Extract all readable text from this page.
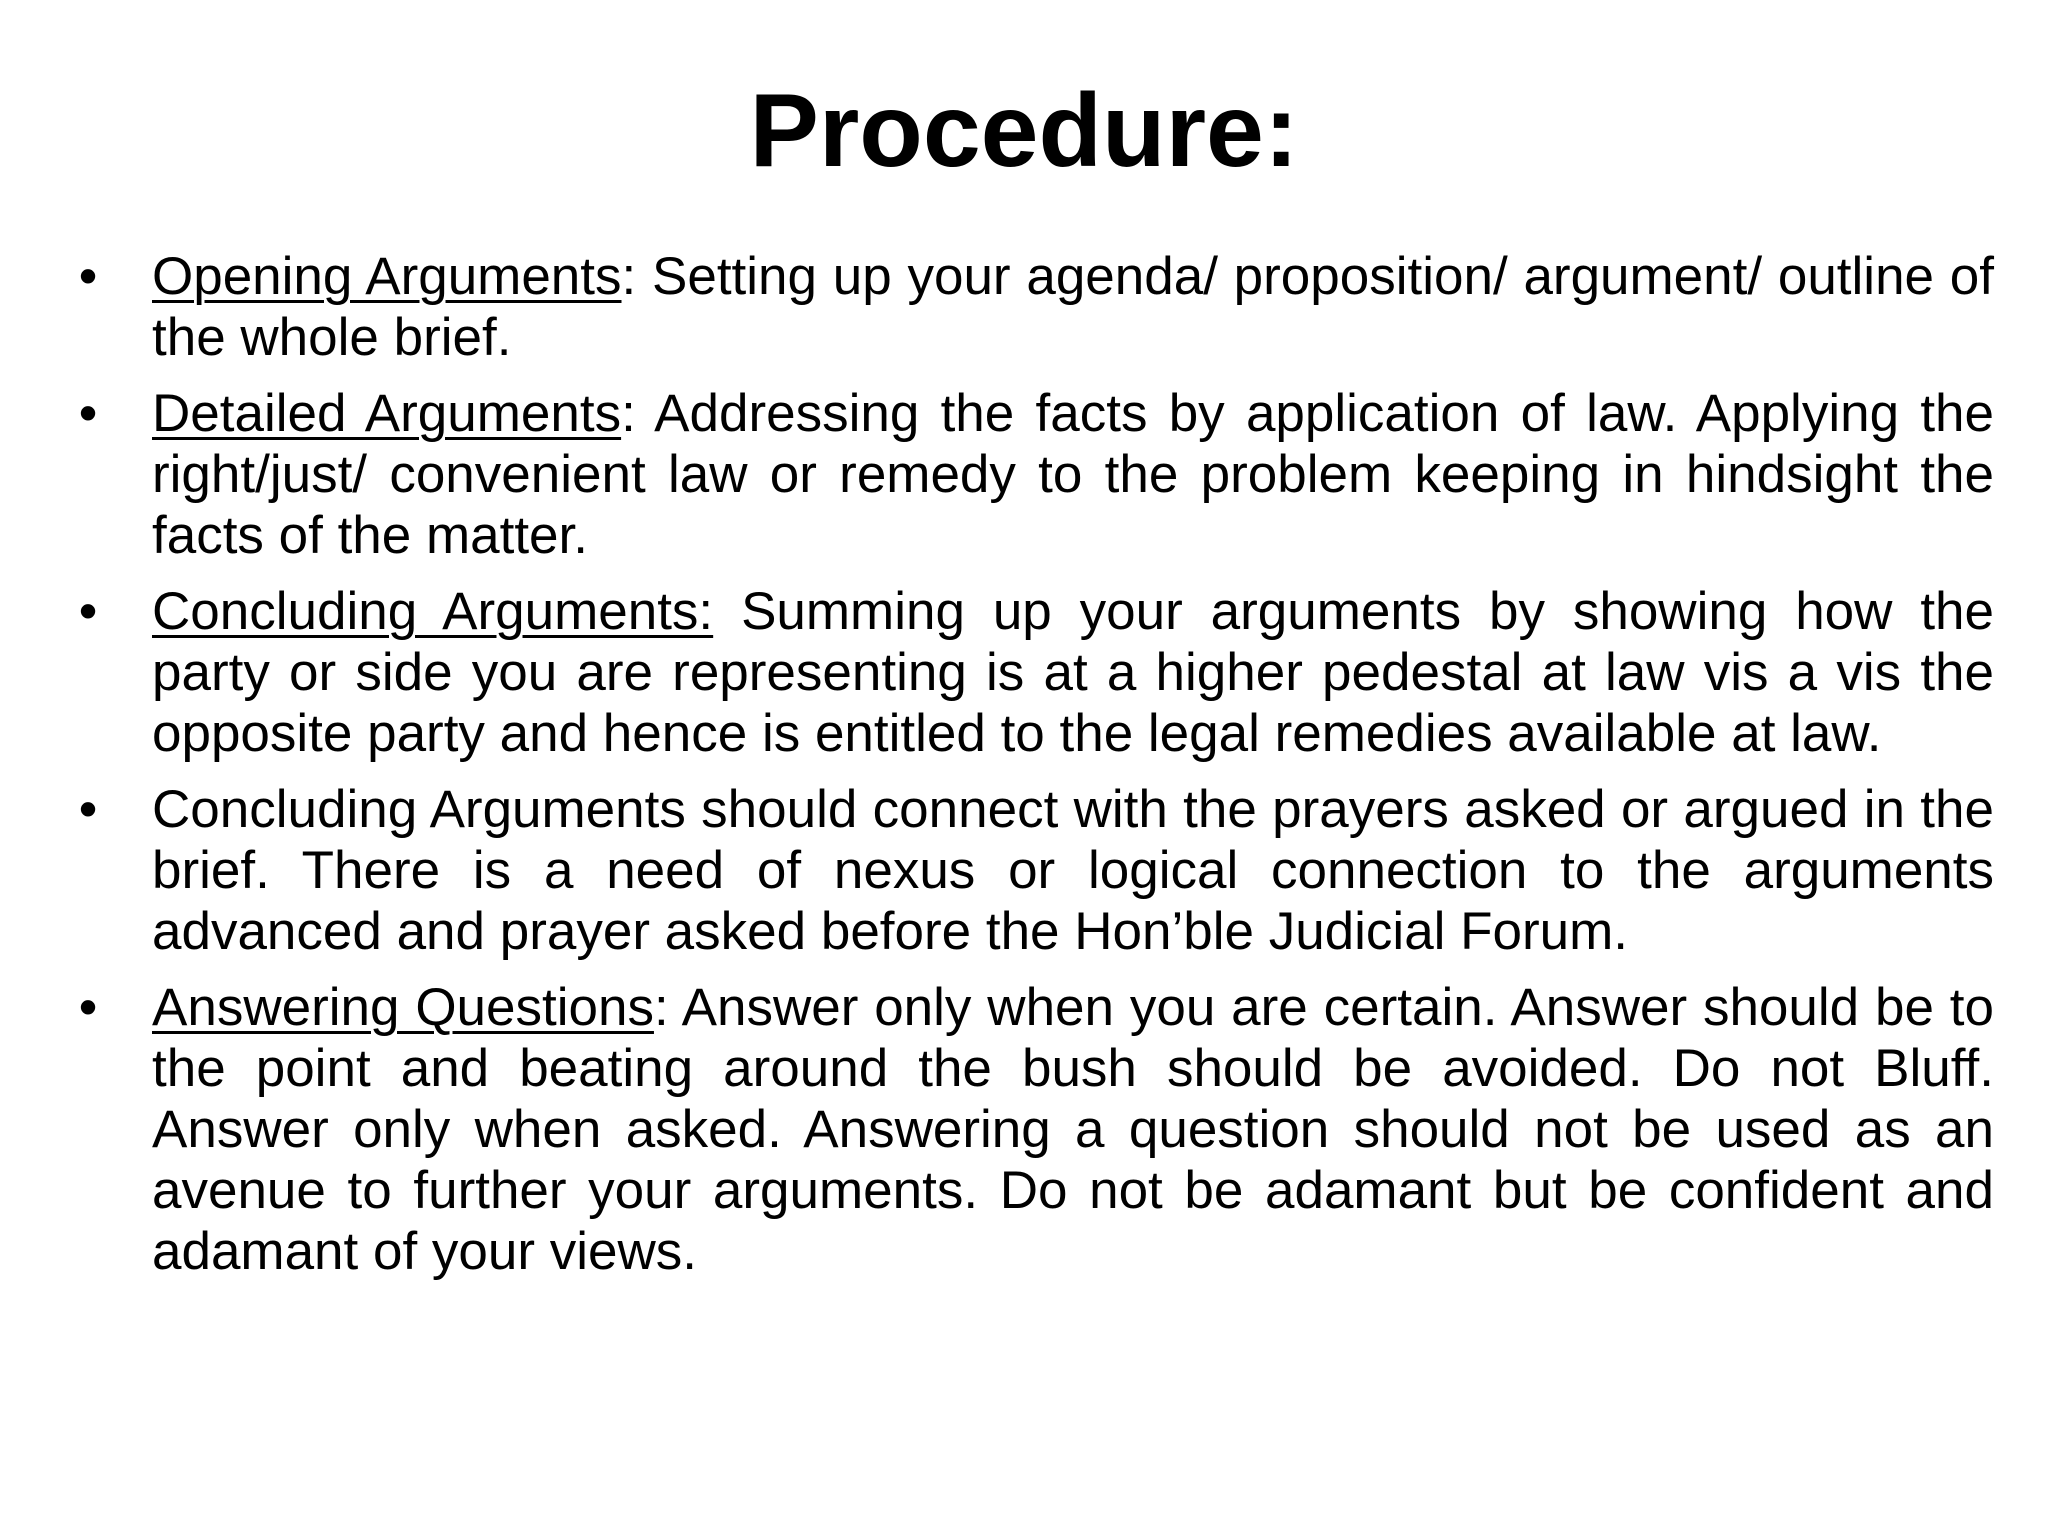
Procedure:
• Opening Arguments: Setting up your agenda/ proposition/ argument/ outline of the whole brief.
• Detailed Arguments: Addressing the facts by application of law. Applying the right/just/ convenient law or remedy to the problem keeping in hindsight the facts of the matter.
• Concluding Arguments: Summing up your arguments by showing how the party or side you are representing is at a higher pedestal at law vis a vis the opposite party and hence is entitled to the legal remedies available at law.
• Concluding Arguments should connect with the prayers asked or argued in the brief. There is a need of nexus or logical connection to the arguments advanced and prayer asked before the Hon’ble Judicial Forum.
• Answering Questions: Answer only when you are certain. Answer should be to the point and beating around the bush should be avoided. Do not Bluff. Answer only when asked. Answering a question should not be used as an avenue to further your arguments. Do not be adamant but be confident and adamant of your views.
